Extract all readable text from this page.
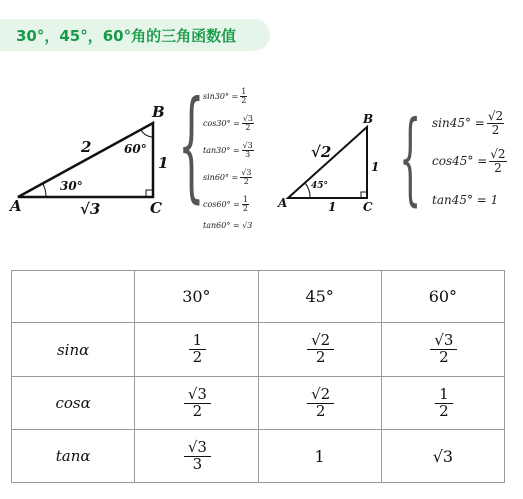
30°，45°，60°角的三角函数值
A
B
C
2
1
√3
30°
60° {
$\sin 30^\circ = \frac{1}{2}$
$\cos 30^\circ = \frac{√3}{2}$
$\tan 30^\circ = \frac{√3}{3}$
$\sin 60^\circ = \frac{√3}{2}$
$\cos 60^\circ = \frac{1}{2}$
tan60° = √3
A
B
C
√2
1
1
45° { $\sin 45^\circ = \frac{√2}{2}$
$\cos 45^\circ = \frac{√2}{2}$
tan45° = 1
	30°	45°	60°
sinα	$\frac{1}{2}$	$\frac{√2}{2}$	$\frac{√3}{2}$

cosα	$\frac{√3}{2}$	$\frac{√2}{2}$	$\frac{1}{2}$

tanα	$\frac{√3}{3}$	1	√3
